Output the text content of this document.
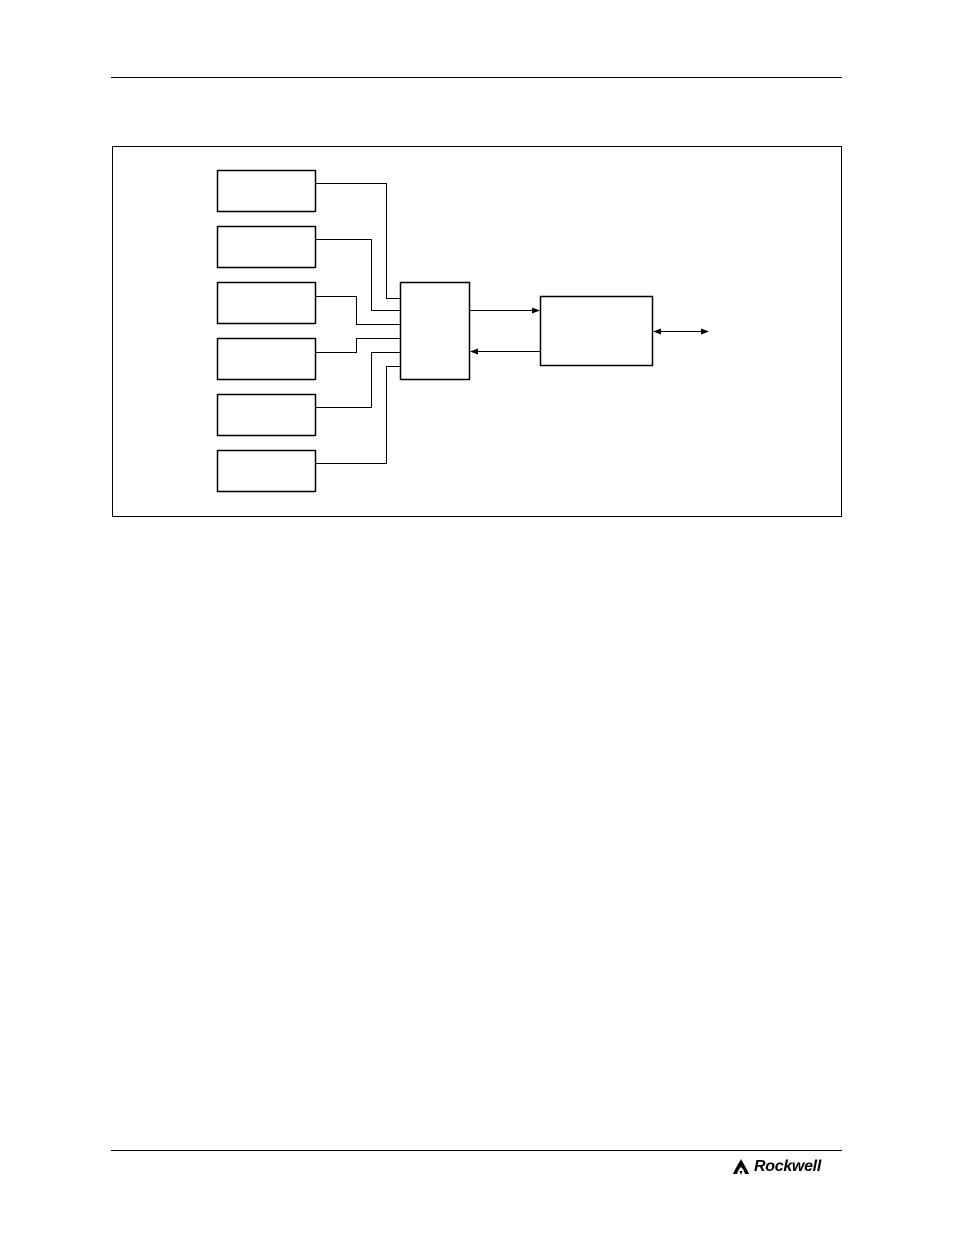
Rockwell
